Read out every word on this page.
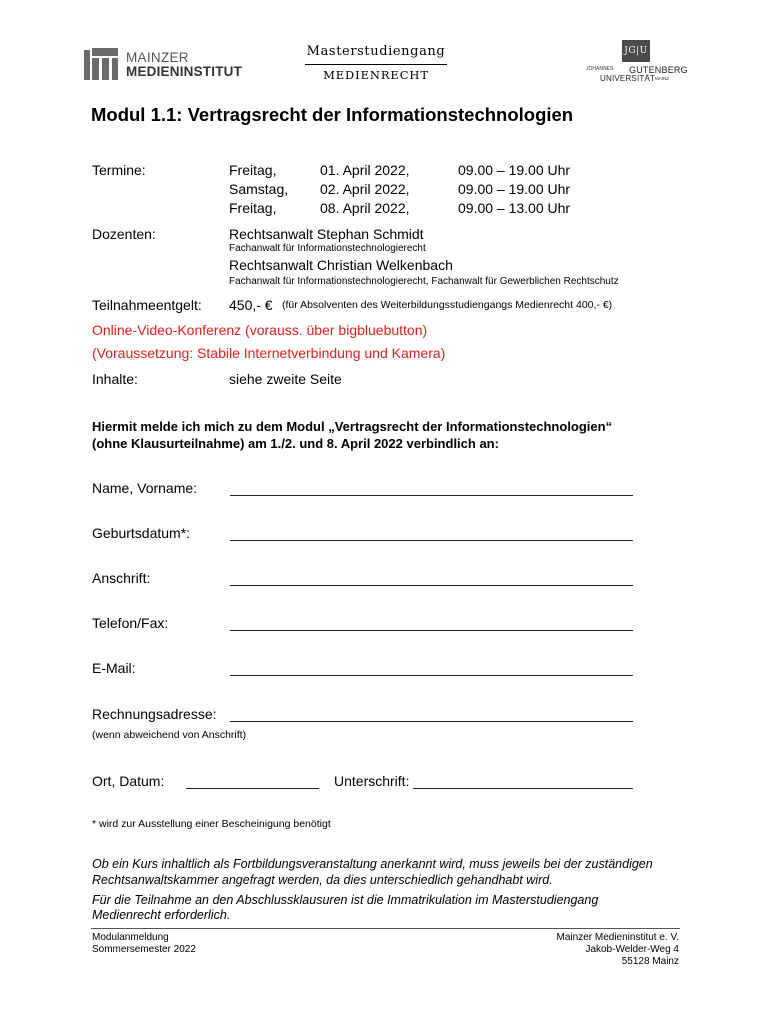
MAINZER
MEDIENINSTITUT
Masterstudiengang
MEDIENRECHT
JG|U
JOHANNES GUTENBERG
UNIVERSITÄT MAINZ
Modul 1.1: Vertragsrecht der Informationstechnologien
Termine:	Freitag,	01. April 2022,	09.00 – 19.00 Uhr
Samstag, 02. April 2022,	09.00 – 19.00 Uhr
Freitag,	08. April 2022,	09.00 – 13.00 Uhr
Dozenten:	Rechtsanwalt Stephan Schmidt
Fachanwalt für Informationstechnologierecht
Rechtsanwalt Christian Welkenbach
Fachanwalt für Informationstechnologierecht, Fachanwalt für Gewerblichen Rechtschutz
Teilnahmeentgelt: 450,- € (für Absolventen des Weiterbildungsstudiengangs Medienrecht 400,- €)
Online-Video-Konferenz (vorauss. über bigbluebutton)
(Voraussetzung: Stabile Internetverbindung und Kamera)
Inhalte:	siehe zweite Seite
Hiermit melde ich mich zu dem Modul „Vertragsrecht der Informationstechnologien“
(ohne Klausurteilnahme) am 1./2. und 8. April 2022 verbindlich an:
Name, Vorname:
Geburtsdatum*:
Anschrift:
Telefon/Fax:
E-Mail:
Rechnungsadresse:
(wenn abweichend von Anschrift)
Ort, Datum:	Unterschrift:
* wird zur Ausstellung einer Bescheinigung benötigt
Ob ein Kurs inhaltlich als Fortbildungsveranstaltung anerkannt wird, muss jeweils bei der zuständigen
Rechtsanwaltskammer angefragt werden, da dies unterschiedlich gehandhabt wird.
Für die Teilnahme an den Abschlussklausuren ist die Immatrikulation im Masterstudiengang
Medienrecht erforderlich.
Modulanmeldung
Sommersemester 2022
Mainzer Medieninstitut e. V.
Jakob-Welder-Weg 4
55128 Mainz
